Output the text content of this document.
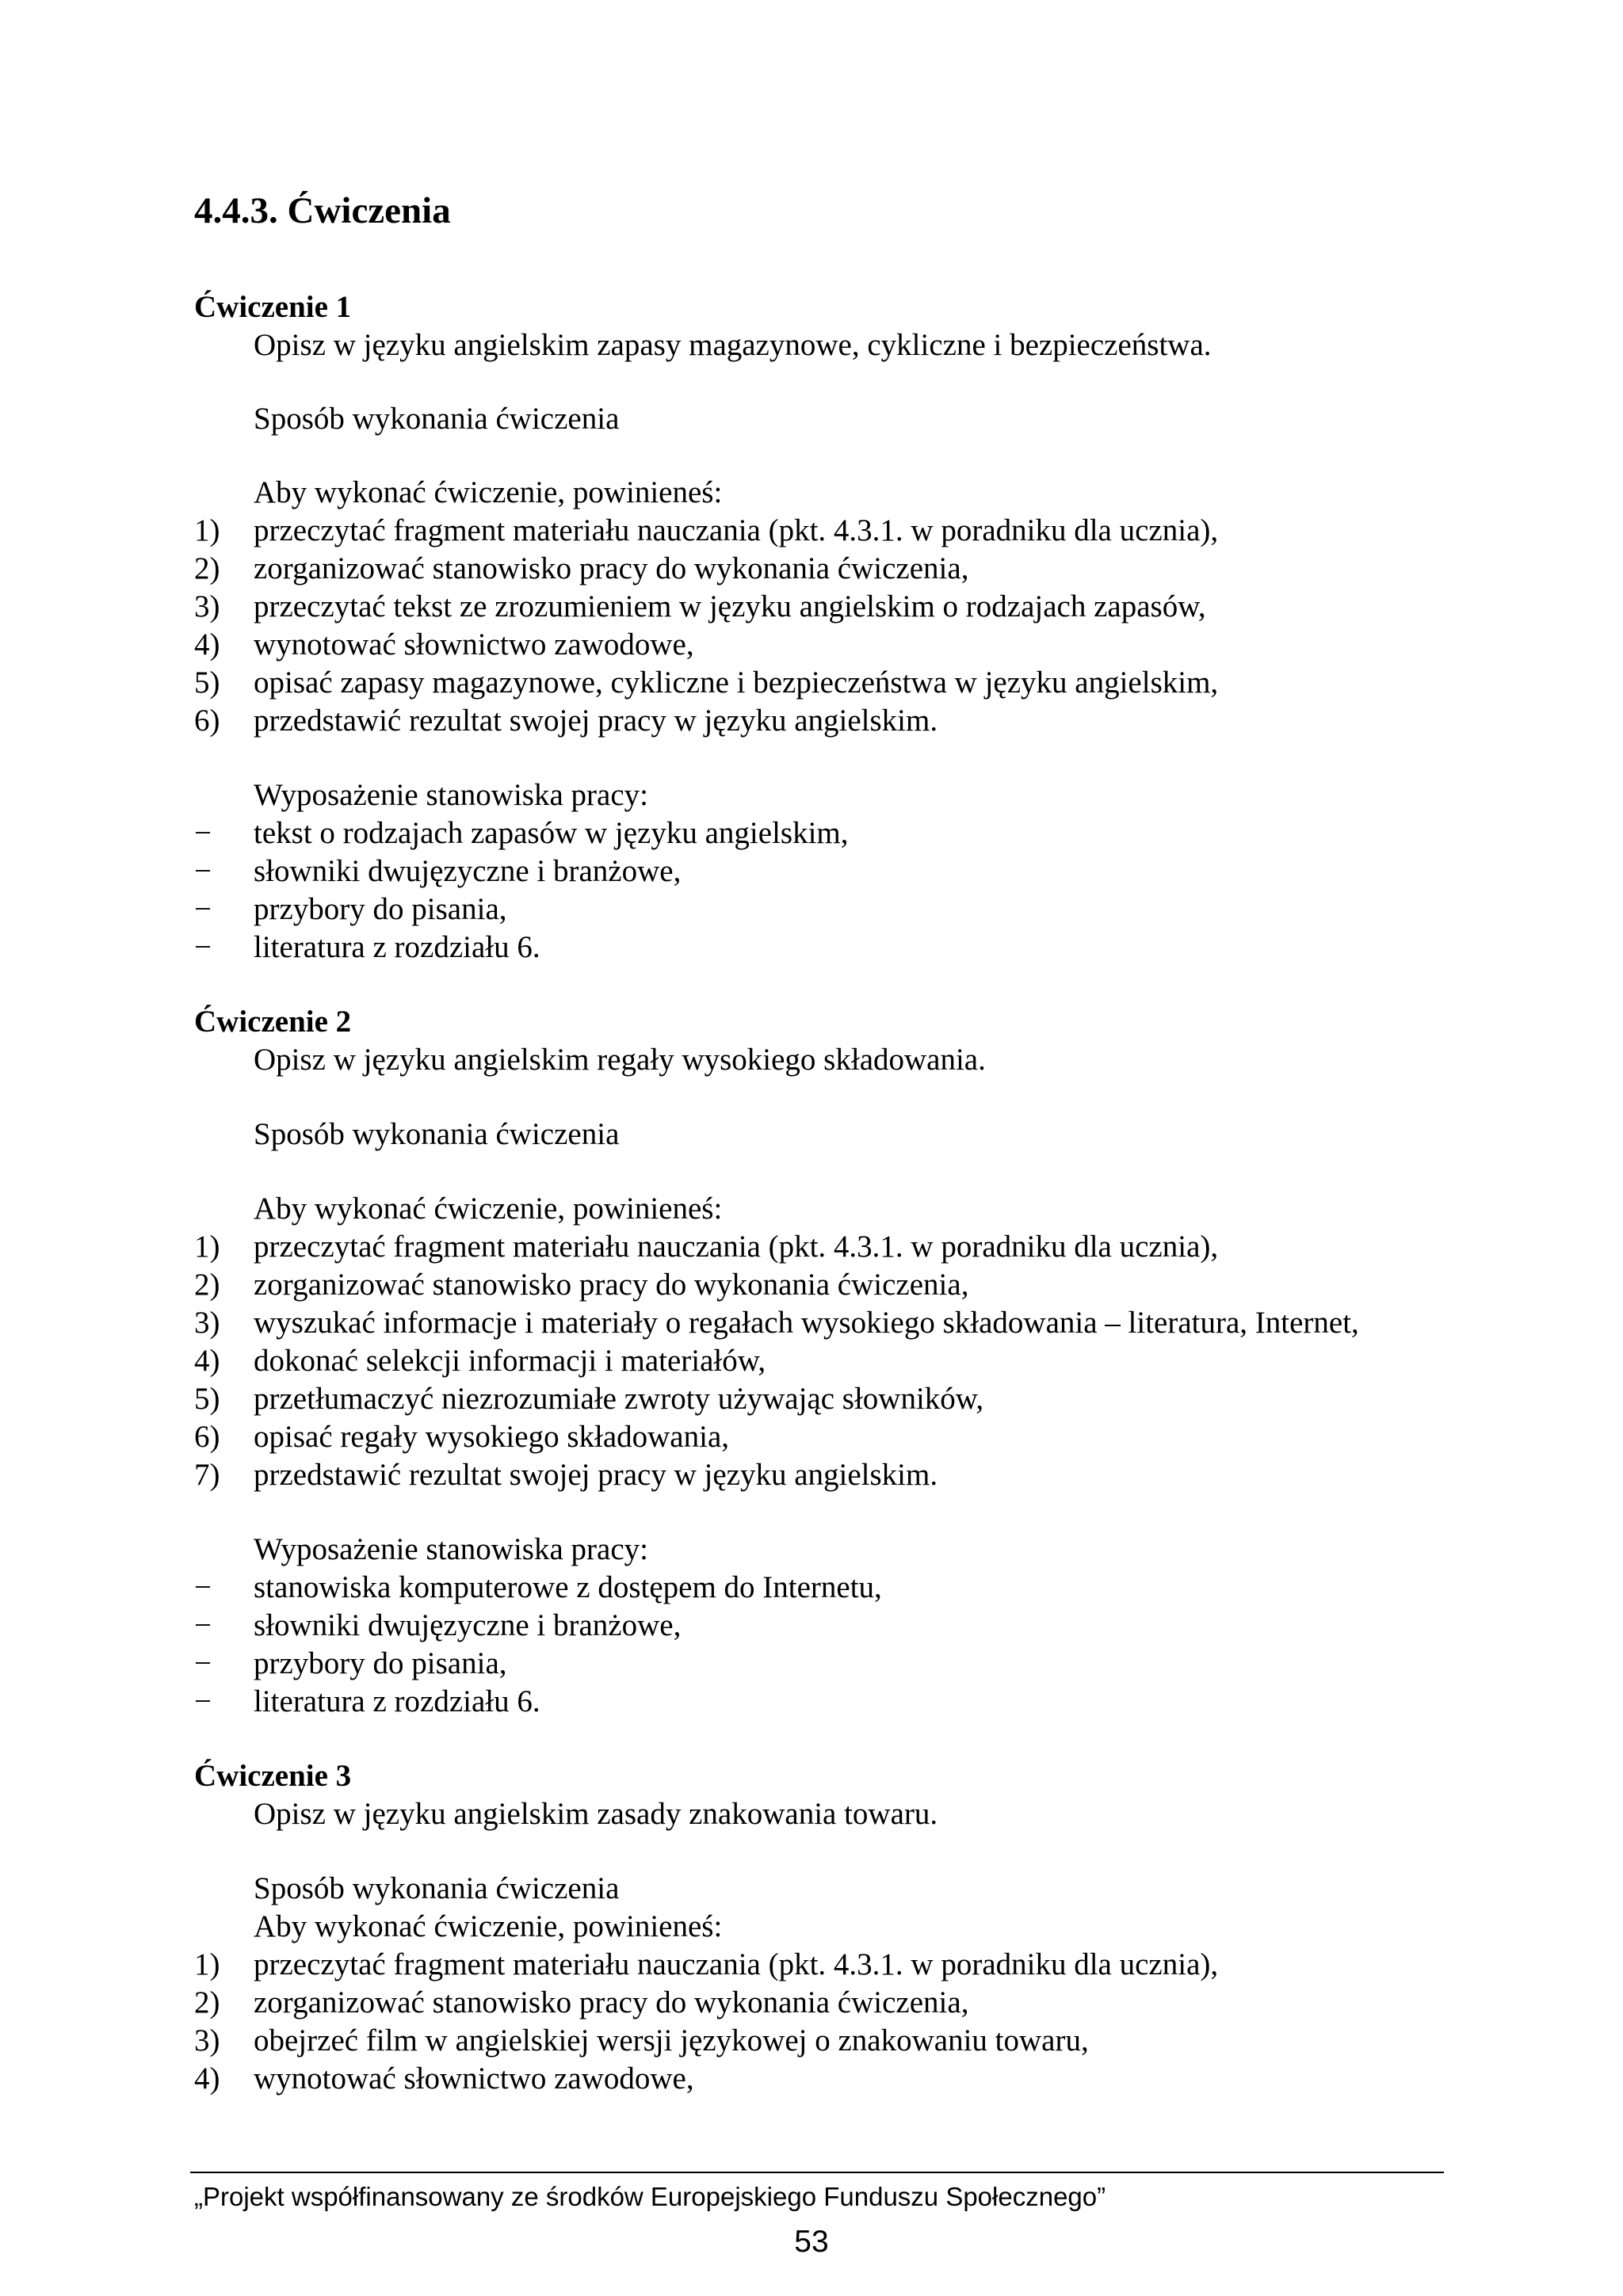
4.4.3. Ćwiczenia
Ćwiczenie 1
Opisz w języku angielskim zapasy magazynowe, cykliczne i bezpieczeństwa.
Sposób wykonania ćwiczenia
Aby wykonać ćwiczenie, powinieneś:
1) przeczytać fragment materiału nauczania (pkt. 4.3.1. w poradniku dla ucznia),
2) zorganizować stanowisko pracy do wykonania ćwiczenia,
3) przeczytać tekst ze zrozumieniem w języku angielskim o rodzajach zapasów,
4) wynotować słownictwo zawodowe,
5) opisać zapasy magazynowe, cykliczne i bezpieczeństwa w języku angielskim,
6) przedstawić rezultat swojej pracy w języku angielskim.
Wyposażenie stanowiska pracy:
− tekst o rodzajach zapasów w języku angielskim,
− słowniki dwujęzyczne i branżowe,
− przybory do pisania,
− literatura z rozdziału 6.
Ćwiczenie 2
Opisz w języku angielskim regały wysokiego składowania.
Sposób wykonania ćwiczenia
Aby wykonać ćwiczenie, powinieneś:
1) przeczytać fragment materiału nauczania (pkt. 4.3.1. w poradniku dla ucznia),
2) zorganizować stanowisko pracy do wykonania ćwiczenia,
3) wyszukać informacje i materiały o regałach wysokiego składowania – literatura, Internet,
4) dokonać selekcji informacji i materiałów,
5) przetłumaczyć niezrozumiałe zwroty używając słowników,
6) opisać regały wysokiego składowania,
7) przedstawić rezultat swojej pracy w języku angielskim.
Wyposażenie stanowiska pracy:
− stanowiska komputerowe z dostępem do Internetu,
− słowniki dwujęzyczne i branżowe,
− przybory do pisania,
− literatura z rozdziału 6.
Ćwiczenie 3
Opisz w języku angielskim zasady znakowania towaru.
Sposób wykonania ćwiczenia
Aby wykonać ćwiczenie, powinieneś:
1) przeczytać fragment materiału nauczania (pkt. 4.3.1. w poradniku dla ucznia),
2) zorganizować stanowisko pracy do wykonania ćwiczenia,
3) obejrzeć film w angielskiej wersji językowej o znakowaniu towaru,
4) wynotować słownictwo zawodowe,
„Projekt współfinansowany ze środków Europejskiego Funduszu Społecznego”
53
